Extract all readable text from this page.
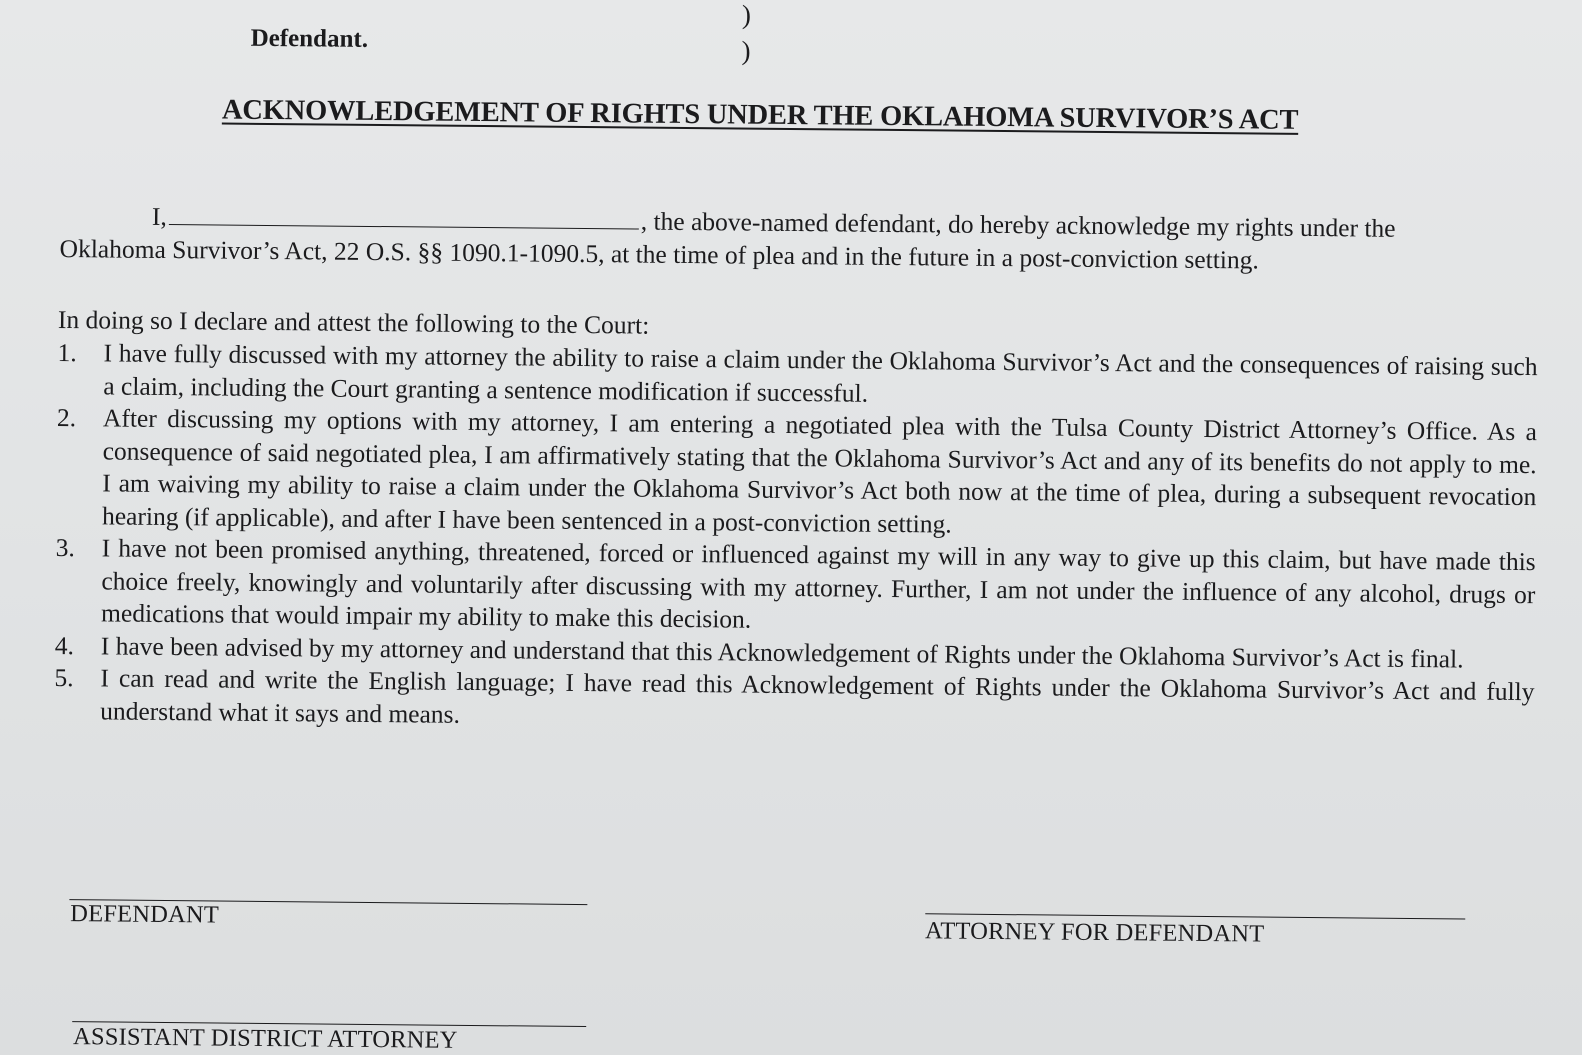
Defendant.
)
)
ACKNOWLEDGEMENT OF RIGHTS UNDER THE OKLAHOMA SURVIVOR’S ACT
I,	, the above-named defendant, do hereby acknowledge my rights under the
Oklahoma Survivor’s Act, 22 O.S. §§ 1090.1-1090.5, at the time of plea and in the future in a post-conviction setting.
In doing so I declare and attest the following to the Court:
1. I have fully discussed with my attorney the ability to raise a claim under the Oklahoma Survivor’s Act and the consequences of raising such a claim, including the Court granting a sentence modification if successful.
2. After discussing my options with my attorney, I am entering a negotiated plea with the Tulsa County District Attorney’s Office. As a consequence of said negotiated plea, I am affirmatively stating that the Oklahoma Survivor’s Act and any of its benefits do not apply to me. I am waiving my ability to raise a claim under the Oklahoma Survivor’s Act both now at the time of plea, during a subsequent revocation hearing (if applicable), and after I have been sentenced in a post-conviction setting.
3. I have not been promised anything, threatened, forced or influenced against my will in any way to give up this claim, but have made this choice freely, knowingly and voluntarily after discussing with my attorney. Further, I am not under the influence of any alcohol, drugs or medications that would impair my ability to make this decision.
4. I have been advised by my attorney and understand that this Acknowledgement of Rights under the Oklahoma Survivor’s Act is final.
5. I can read and write the English language; I have read this Acknowledgement of Rights under the Oklahoma Survivor’s Act and fully understand what it says and means.
DEFENDANT
ATTORNEY FOR DEFENDANT
ASSISTANT DISTRICT ATTORNEY
